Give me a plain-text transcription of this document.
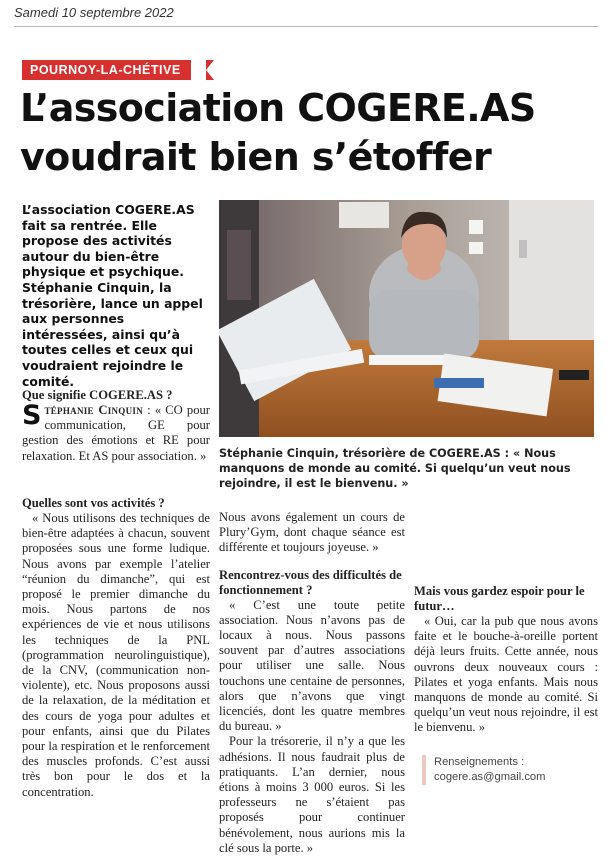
Samedi 10 septembre 2022
POURNOY-LA-CHÉTIVE
L’association COGERE.AS
voudrait bien s’étoffer
L’association COGERE.AS fait sa rentrée. Elle propose des activités autour du bien-être physique et psychique. Stéphanie Cinquin, la trésorière, lance un appel aux personnes intéressées, ainsi qu’à toutes celles et ceux qui voudraient rejoindre le comité.
Stéphanie Cinquin, trésorière de COGERE.AS : « Nous manquons de monde au comité. Si quelqu’un veut nous rejoindre, il est le bienvenu. »

Que signifie COGERE.AS ?

Stéphanie Cinquin : « CO pour communication, GE pour gestion des émotions et RE pour relaxation. Et AS pour association. »

Quelles sont vos activités ?

« Nous utilisons des techniques de bien-être adaptées à chacun, souvent proposées sous une forme ludique. Nous avons par exemple l’atelier “réunion du dimanche”, qui est proposé le premier dimanche du mois. Nous partons de nos expériences de vie et nous utilisons les techniques de la PNL (programmation neurolinguistique), de la CNV, (communication non-violente), etc. Nous proposons aussi de la relaxation, de la méditation et des cours de yoga pour adultes et pour enfants, ainsi que du Pilates pour la respiration et le renforcement des muscles profonds. C’est aussi très bon pour le dos et la concentration.

Nous avons également un cours de Plury’Gym, dont chaque séance est différente et toujours joyeuse. »

Rencontrez-vous des difficultés de fonctionnement ?

« C’est une toute petite association. Nous n’avons pas de locaux à nous. Nous passons souvent par d’autres associations pour utiliser une salle. Nous touchons une centaine de personnes, alors que n’avons que vingt licenciés, dont les quatre membres du bureau. »

Pour la trésorerie, il n’y a que les adhésions. Il nous faudrait plus de pratiquants. L’an dernier, nous étions à moins 3 000 euros. Si les professeurs ne s’étaient pas proposés pour continuer bénévolement, nous aurions mis la clé sous la porte. »

Mais vous gardez espoir pour le futur…

« Oui, car la pub que nous avons faite et le bouche-à-oreille portent déjà leurs fruits. Cette année, nous ouvrons deux nouveaux cours : Pilates et yoga enfants. Mais nous manquons de monde au comité. Si quelqu’un veut nous rejoindre, il est le bienvenu. »

Renseignements :
cogere.as@gmail.com
